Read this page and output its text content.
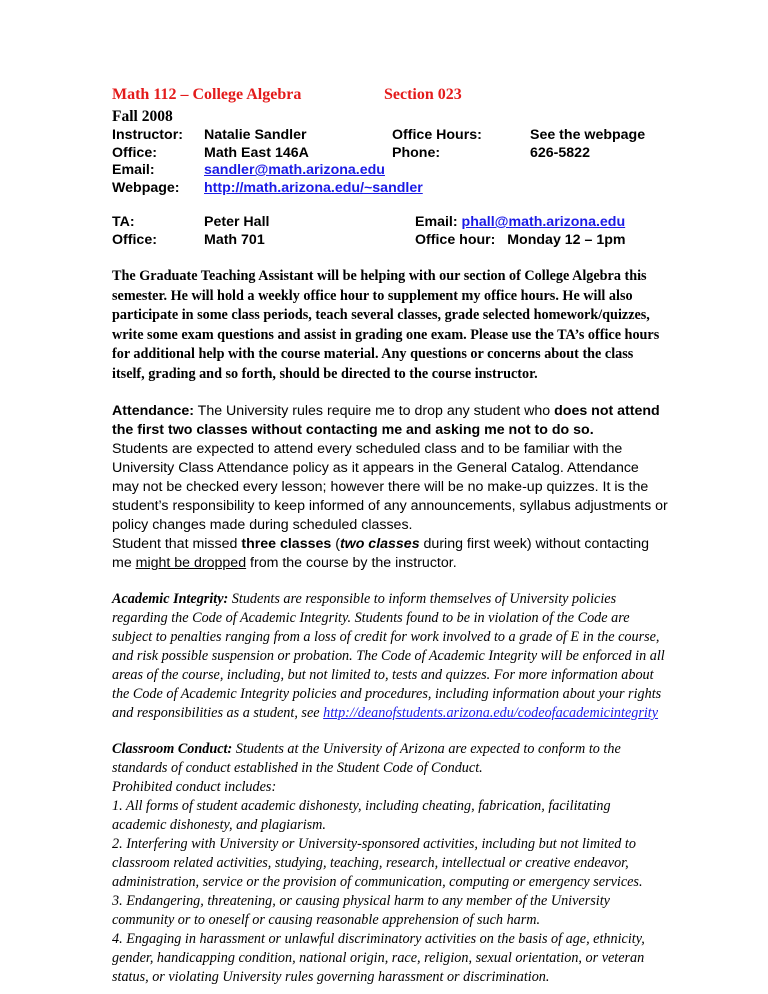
Math 112 – College Algebra	Section 023
Fall 2008
Instructor: Natalie Sandler	Office Hours:	See the webpage
Office:	Math East 146A	Phone:	626-5822
Email:	sandler@math.arizona.edu
Webpage: http://math.arizona.edu/~sandler
TA:	Peter Hall	Email: phall@math.arizona.edu
Office:	Math 701	Office hour: Monday 12 – 1pm
The Graduate Teaching Assistant will be helping with our section of College Algebra this
semester. He will hold a weekly office hour to supplement my office hours. He will also
participate in some class periods, teach several classes, grade selected homework/quizzes,
write some exam questions and assist in grading one exam. Please use the TA’s office hours
for additional help with the course material. Any questions or concerns about the class
itself, grading and so forth, should be directed to the course instructor.
Attendance: The University rules require me to drop any student who does not attend
the first two classes without contacting me and asking me not to do so.
Students are expected to attend every scheduled class and to be familiar with the
University Class Attendance policy as it appears in the General Catalog. Attendance
may not be checked every lesson; however there will be no make-up quizzes. It is the
student’s responsibility to keep informed of any announcements, syllabus adjustments or
policy changes made during scheduled classes.
Student that missed three classes (two classes during first week) without contacting
me might be dropped from the course by the instructor.
Academic Integrity: Students are responsible to inform themselves of University policies
regarding the Code of Academic Integrity. Students found to be in violation of the Code are
subject to penalties ranging from a loss of credit for work involved to a grade of E in the course,
and risk possible suspension or probation. The Code of Academic Integrity will be enforced in all
areas of the course, including, but not limited to, tests and quizzes. For more information about
the Code of Academic Integrity policies and procedures, including information about your rights
and responsibilities as a student, see http://deanofstudents.arizona.edu/codeofacademicintegrity
Classroom Conduct: Students at the University of Arizona are expected to conform to the
standards of conduct established in the Student Code of Conduct.
Prohibited conduct includes:
1. All forms of student academic dishonesty, including cheating, fabrication, facilitating
academic dishonesty, and plagiarism.
2. Interfering with University or University-sponsored activities, including but not limited to
classroom related activities, studying, teaching, research, intellectual or creative endeavor,
administration, service or the provision of communication, computing or emergency services.
3. Endangering, threatening, or causing physical harm to any member of the University
community or to oneself or causing reasonable apprehension of such harm.
4. Engaging in harassment or unlawful discriminatory activities on the basis of age, ethnicity,
gender, handicapping condition, national origin, race, religion, sexual orientation, or veteran
status, or violating University rules governing harassment or discrimination.
